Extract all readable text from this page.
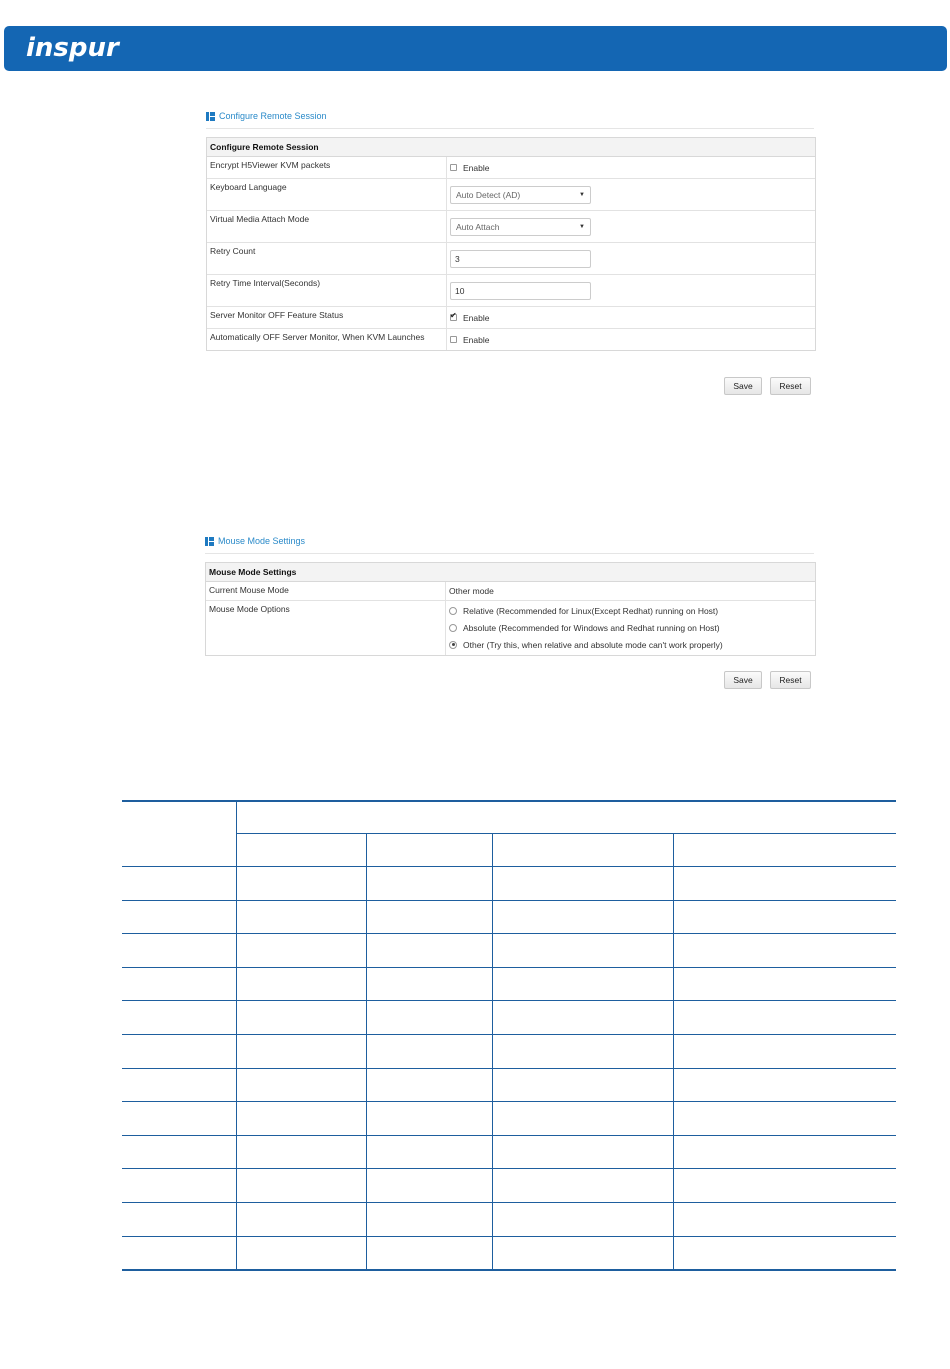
inspur
Configure Remote Session
Configure Remote Session
Encrypt H5Viewer KVM packets	Enable
Keyboard Language
Auto Detect (AD)	▼
Virtual Media Attach Mode
Auto Attach	▼
Retry Count
3
Retry Time Interval(Seconds)
10
Server Monitor OFF Feature Status
✔	Enable
Automatically OFF Server Monitor, When KVM Launches	Enable
Save	Reset
Mouse Mode Settings
Mouse Mode Settings
Current Mouse Mode	Other mode
Mouse Mode Options	Relative (Recommended for Linux(Except Redhat) running on Host)
Absolute (Recommended for Windows and Redhat running on Host)
Other (Try this, when relative and absolute mode can't work properly)
Save	Reset
